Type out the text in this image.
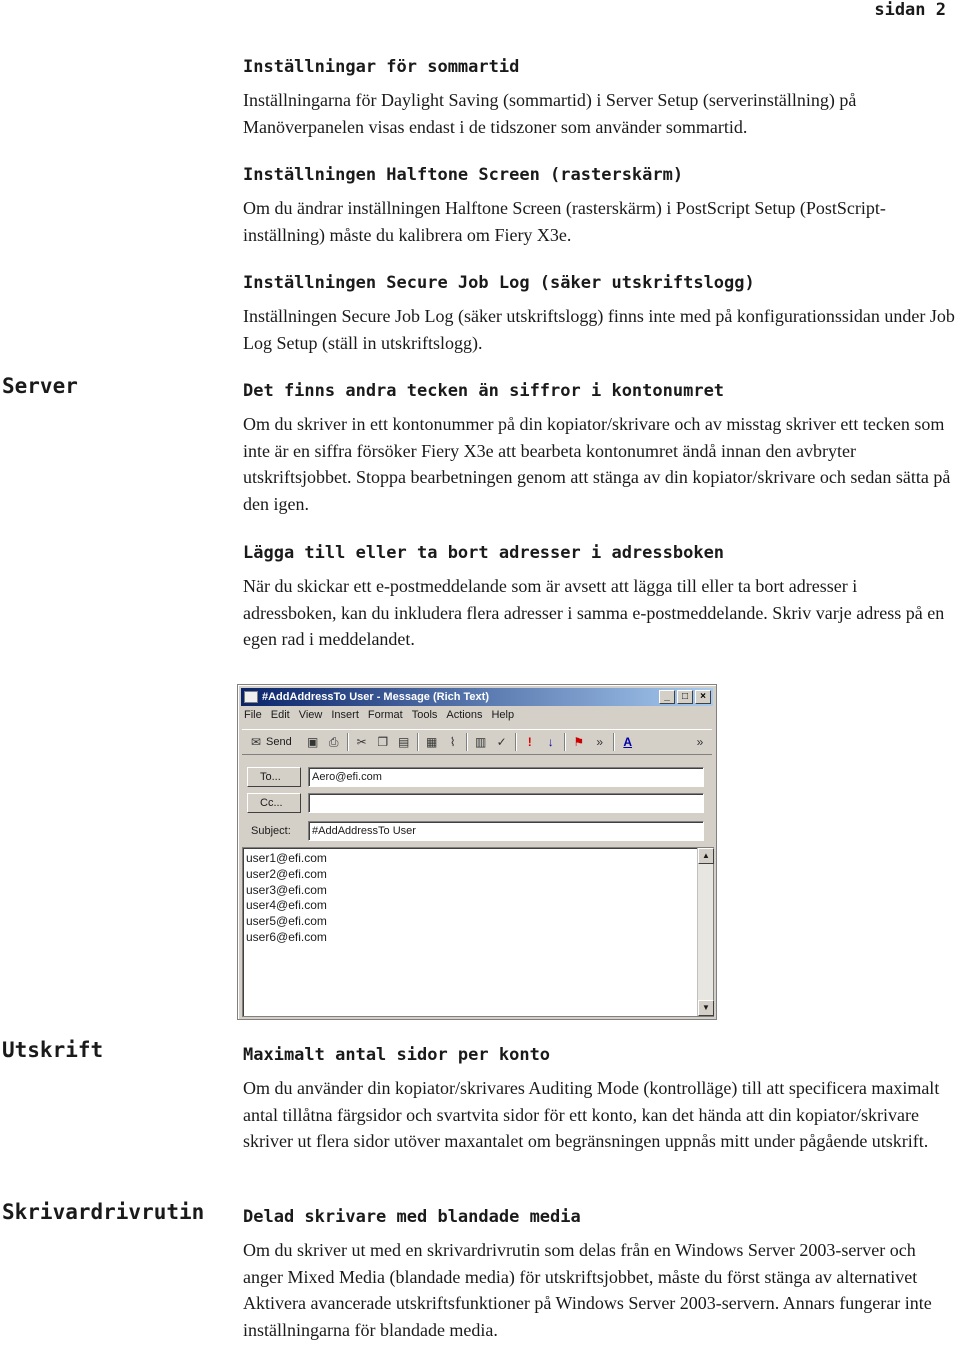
sidan 2
Server
Utskrift
Skrivardrivrutin
Inställningar för sommartid
Inställningarna för Daylight Saving (sommartid) i Server Setup (serverinställning) på Manöverpanelen visas endast i de tidszoner som använder sommartid.
Inställningen Halftone Screen (rasterskärm)
Om du ändrar inställningen Halftone Screen (rasterskärm) i PostScript Setup (PostScript-inställning) måste du kalibrera om Fiery X3e.
Inställningen Secure Job Log (säker utskriftslogg)
Inställningen Secure Job Log (säker utskriftslogg) finns inte med på konfigurationssidan under Job Log Setup (ställ in utskriftslogg).
Det finns andra tecken än siffror i kontonumret
Om du skriver in ett kontonummer på din kopiator/skrivare och av misstag skriver ett tecken som inte är en siffra försöker Fiery X3e att bearbeta kontonumret ändå innan den avbryter utskriftsjobbet. Stoppa bearbetningen genom att stänga av din kopiator/skrivare och sedan sätta på den igen.
Lägga till eller ta bort adresser i adressboken
När du skickar ett e-postmeddelande som är avsett att lägga till eller ta bort adresser i adressboken, kan du inkludera flera adresser i samma e-postmeddelande. Skriv varje adress på en egen rad i meddelandet.
#AddAddressTo User - Message (Rich Text)	_	□	×
File Edit View Insert Format Tools Actions Help
✉ Send ▣ ⎙ ✂ ❐ ▤ ▦	⌇	▥ ✓	!	↓	⚑	»	A	»
To...	Aero@efi.com
Cc...
Subject:	#AddAddressTo User
user1@efi.com
user2@efi.com
user3@efi.com
user4@efi.com
user5@efi.com
user6@efi.com
▲
▼
Maximalt antal sidor per konto
Om du använder din kopiator/skrivares Auditing Mode (kontrolläge) till att specificera maximalt antal tillåtna färgsidor och svartvita sidor för ett konto, kan det hända att din kopiator/skrivare skriver ut flera sidor utöver maxantalet om begränsningen uppnås mitt under pågående utskrift.
Delad skrivare med blandade media
Om du skriver ut med en skrivardrivrutin som delas från en Windows Server 2003-server och anger Mixed Media (blandade media) för utskriftsjobbet, måste du först stänga av alternativet Aktivera avancerade utskriftsfunktioner på Windows Server 2003-servern. Annars fungerar inte inställningarna för blandade media.
